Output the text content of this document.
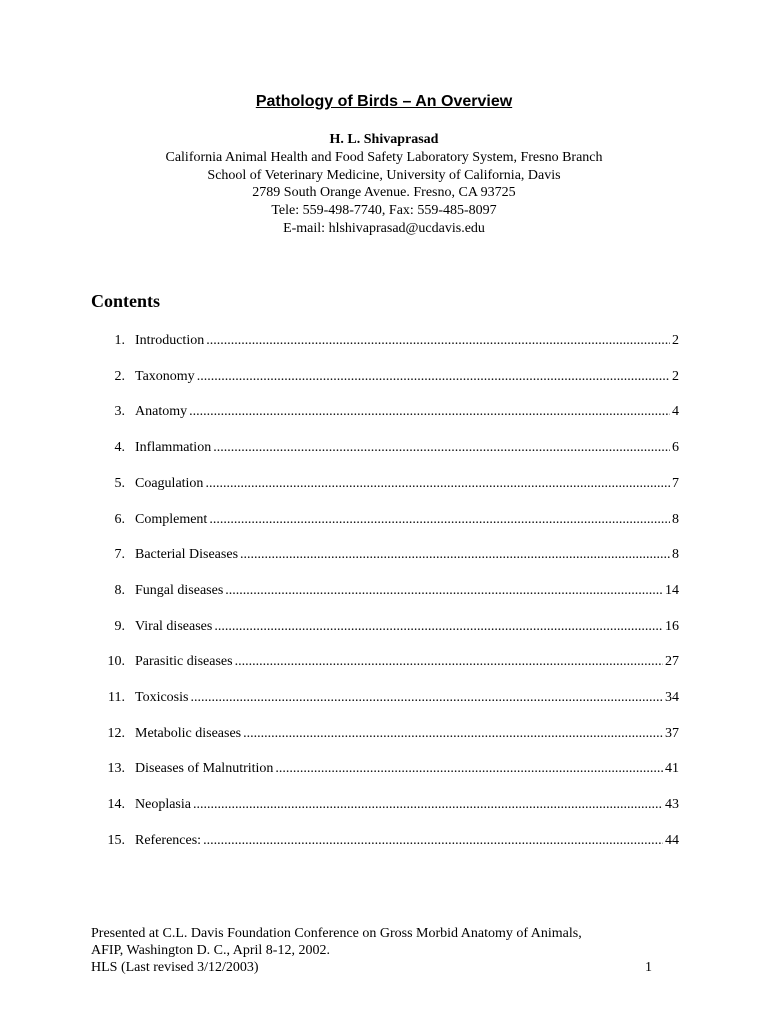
Pathology of Birds – An Overview
H. L. Shivaprasad
California Animal Health and Food Safety Laboratory System, Fresno Branch
School of Veterinary Medicine, University of California, Davis
2789 South Orange Avenue. Fresno, CA 93725
Tele: 559-498-7740, Fax: 559-485-8097
E-mail: hlshivaprasad@ucdavis.edu
Contents
1. Introduction .....	2
2. Taxonomy .....	2
3. Anatomy .....	4
4. Inflammation .....	6
5. Coagulation .....	7
6. Complement .....	8
7. Bacterial Diseases .....	8
8. Fungal diseases .....	14
9. Viral diseases .....	16
10. Parasitic diseases .....	27
11. Toxicosis .....	34
12. Metabolic diseases .....	37
13. Diseases of Malnutrition .....	41
14. Neoplasia .....	43
15. References: .....	44
Presented at C.L. Davis Foundation Conference on Gross Morbid Anatomy of Animals,
AFIP, Washington D. C., April 8-12, 2002.
HLS (Last revised 3/12/2003)	1
